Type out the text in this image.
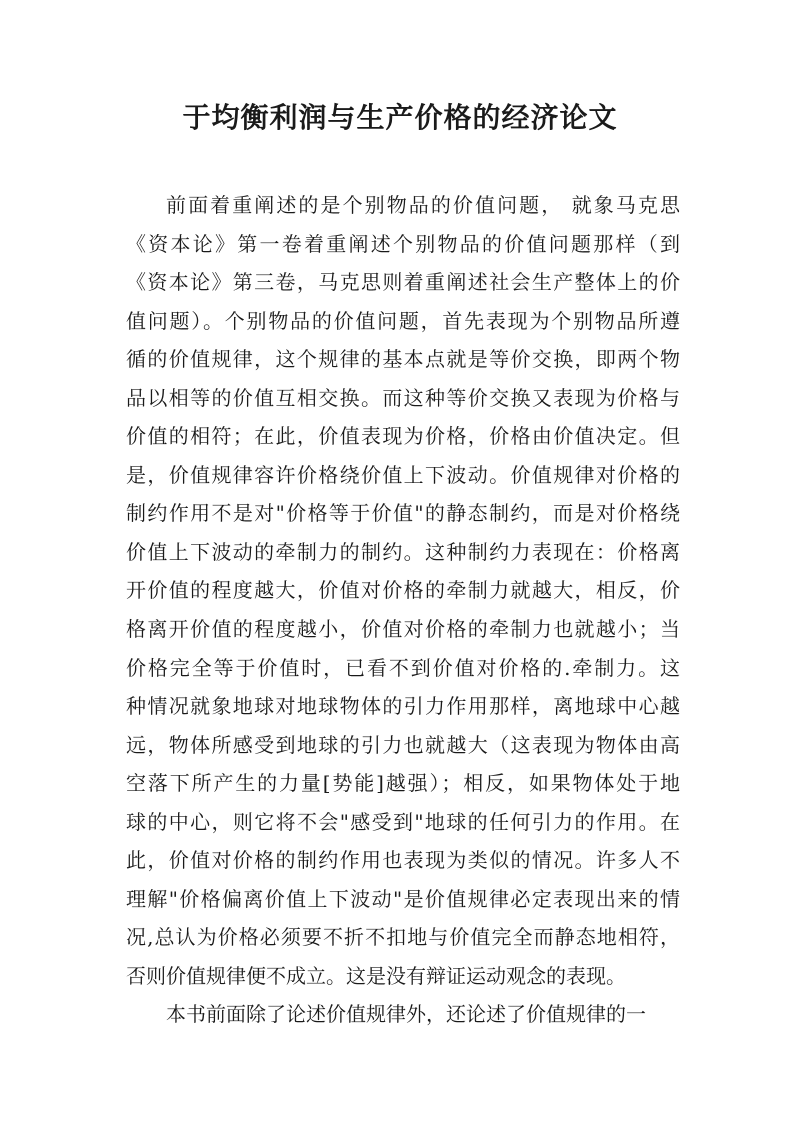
于均衡利润与生产价格的经济论文
前面着重阐述的是个别物品的价值问题， 就象马克思
《资本论》第一卷着重阐述个别物品的价值问题那样（到
《资本论》第三卷，马克思则着重阐述社会生产整体上的价
值问题）。个别物品的价值问题，首先表现为个别物品所遵
循的价值规律，这个规律的基本点就是等价交换，即两个物
品以相等的价值互相交换。而这种等价交换又表现为价格与
价值的相符；在此，价值表现为价格，价格由价值决定。但
是，价值规律容许价格绕价值上下波动。价值规律对价格的
制约作用不是对"价格等于价值"的静态制约，而是对价格绕
价值上下波动的牵制力的制约。这种制约力表现在：价格离
开价值的程度越大，价值对价格的牵制力就越大，相反，价
格离开价值的程度越小，价值对价格的牵制力也就越小；当
价格完全等于价值时，已看不到价值对价格的.牵制力。这
种情况就象地球对地球物体的引力作用那样，离地球中心越
远，物体所感受到地球的引力也就越大（这表现为物体由高
空落下所产生的力量[势能]越强）；相反，如果物体处于地
球的中心，则它将不会"感受到"地球的任何引力的作用。在
此，价值对价格的制约作用也表现为类似的情况。许多人不
理解"价格偏离价值上下波动"是价值规律必定表现出来的情
况,总认为价格必须要不折不扣地与价值完全而静态地相符，
否则价值规律便不成立。这是没有辩证运动观念的表现。
本书前面除了论述价值规律外，还论述了价值规律的一
